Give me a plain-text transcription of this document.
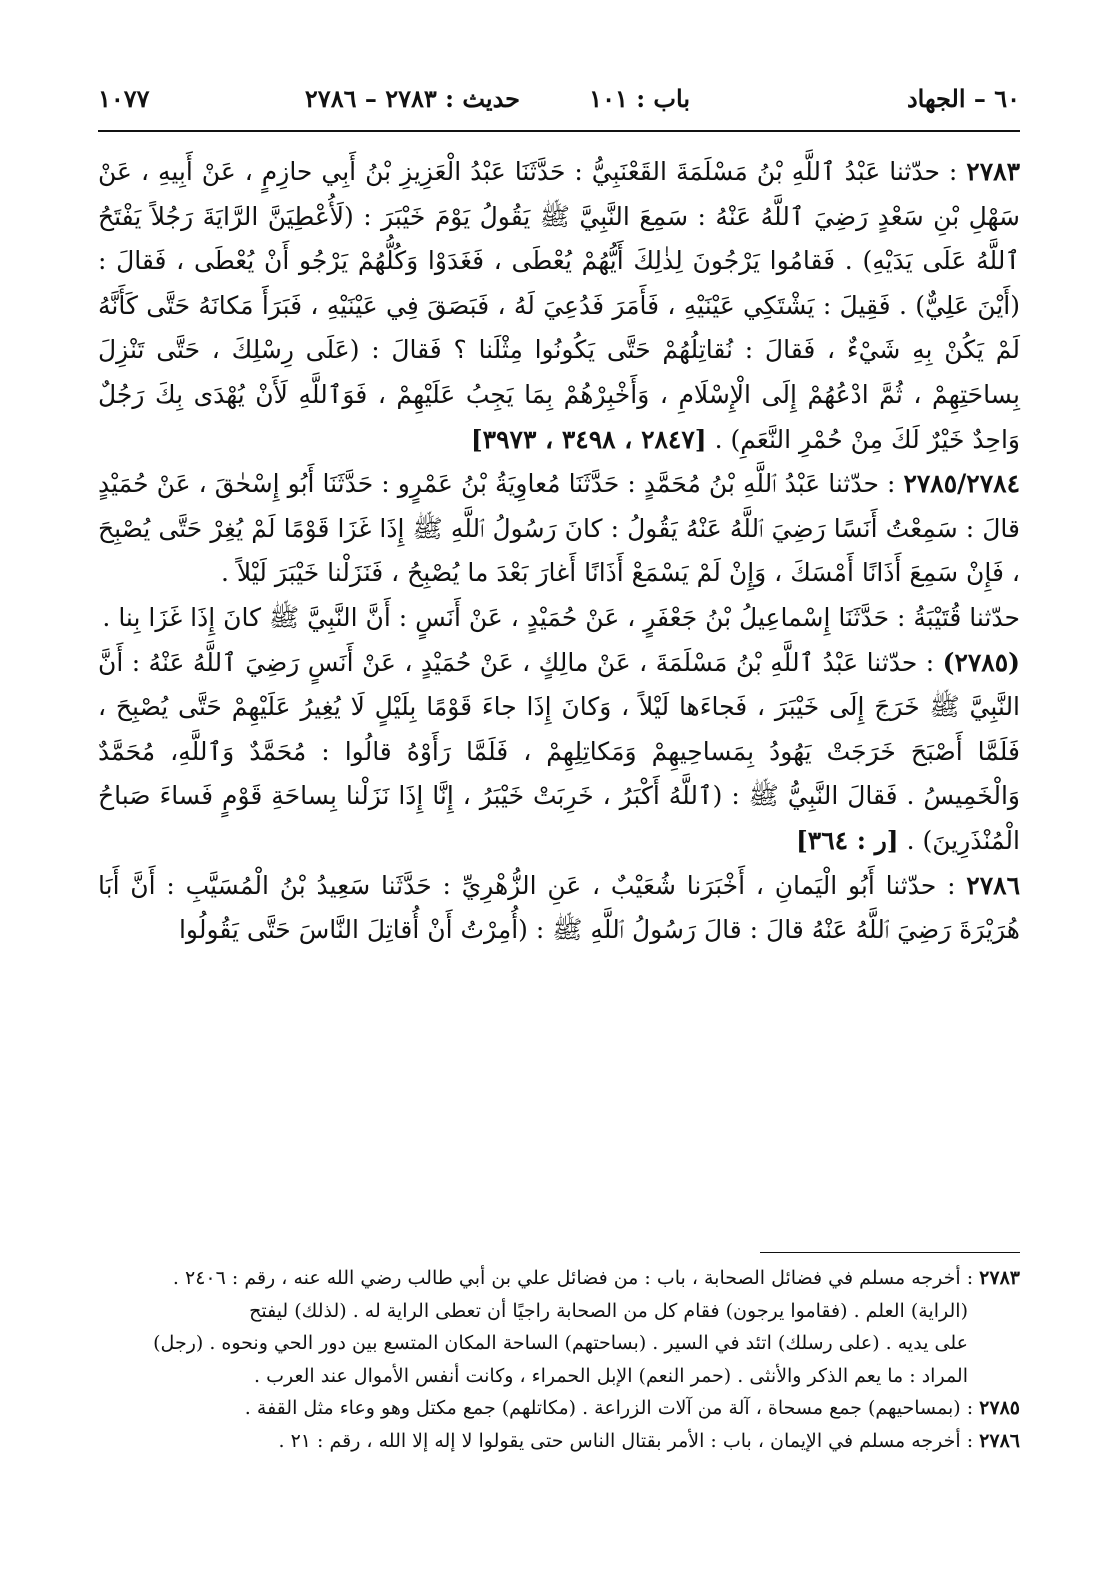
٦٠ – الجهاد
باب : ١٠١
حديث : ٢٧٨٣ – ٢٧٨٦
١٠٧٧

٢٧٨٣ : حدّثنا عَبْدُ ٱللَّهِ بْنُ مَسْلَمَةَ القَعْنَبِيُّ : حَدَّثَنَا عَبْدُ الْعَزِيزِ بْنُ أَبِي حازِمٍ ، عَنْ أَبِيهِ ، عَنْ سَهْلِ بْنِ سَعْدٍ رَضِيَ ٱللَّهُ عَنْهُ : سَمِعَ النَّبِيَّ ﷺ يَقُولُ يَوْمَ خَيْبَرَ : (لَأُعْطِيَنَّ الرَّايَةَ رَجُلاً يَفْتَحُ ٱللَّهُ عَلَى يَدَيْهِ) . فَقامُوا يَرْجُونَ لِذٰلِكَ أَيُّهُمْ يُعْطَى ، فَغَدَوْا وَكُلُّهُمْ يَرْجُو أَنْ يُعْطَى ، فَقالَ : (أَيْنَ عَلِيٌّ) . فَقِيلَ : يَشْتَكِي عَيْنَيْهِ ، فَأَمَرَ فَدُعِيَ لَهُ ، فَبَصَقَ فِي عَيْنَيْهِ ، فَبَرَأَ مَكانَهُ حَتَّى كَأَنَّهُ لَمْ يَكُنْ بِهِ شَيْءٌ ، فَقالَ : نُقاتِلُهُمْ حَتَّى يَكُونُوا مِثْلَنا ؟ فَقالَ : (عَلَى رِسْلِكَ ، حَتَّى تَنْزِلَ بِساحَتِهِمْ ، ثُمَّ ادْعُهُمْ إِلَى الْإِسْلَامِ ، وَأَخْبِرْهُمْ بِمَا يَجِبُ عَلَيْهِمْ ، فَوَٱللَّهِ لَأَنْ يُهْدَى بِكَ رَجُلٌ وَاحِدٌ خَيْرٌ لَكَ مِنْ حُمْرِ النَّعَمِ) . [٢٨٤٧ ، ٣٤٩٨ ، ٣٩٧٣]

٢٧٨٥/٢٧٨٤ : حدّثنا عَبْدُ ٱللَّهِ بْنُ مُحَمَّدٍ : حَدَّثَنَا مُعاوِيَةُ بْنُ عَمْرٍو : حَدَّثَنَا أَبُو إِسْحٰقَ ، عَنْ حُمَيْدٍ قالَ : سَمِعْتُ أَنَسًا رَضِيَ ٱللَّهُ عَنْهُ يَقُولُ : كانَ رَسُولُ ٱللَّهِ ﷺ إِذَا غَزَا قَوْمًا لَمْ يُغِرْ حَتَّى يُصْبِحَ ، فَإِنْ سَمِعَ أَذَانًا أَمْسَكَ ، وَإِنْ لَمْ يَسْمَعْ أَذَانًا أَغارَ بَعْدَ ما يُصْبِحُ ، فَنَزَلْنا خَيْبَرَ لَيْلاً .

حدّثنا قُتَيْبَةُ : حَدَّثَنَا إِسْماعِيلُ بْنُ جَعْفَرٍ ، عَنْ حُمَيْدٍ ، عَنْ أَنَسٍ : أَنَّ النَّبِيَّ ﷺ كانَ إِذَا غَزَا بِنا .

(٢٧٨٥) : حدّثنا عَبْدُ ٱللَّهِ بْنُ مَسْلَمَةَ ، عَنْ مالِكٍ ، عَنْ حُمَيْدٍ ، عَنْ أَنَسٍ رَضِيَ ٱللَّهُ عَنْهُ : أَنَّ النَّبِيَّ ﷺ خَرَجَ إِلَى خَيْبَرَ ، فَجاءَها لَيْلاً ، وَكانَ إِذَا جاءَ قَوْمًا بِلَيْلٍ لَا يُغِيرُ عَلَيْهِمْ حَتَّى يُصْبِحَ ، فَلَمَّا أَصْبَحَ خَرَجَتْ يَهُودُ بِمَساحِيهِمْ وَمَكاتِلِهِمْ ، فَلَمَّا رَأَوْهُ قالُوا : مُحَمَّدٌ وَٱللَّهِ، مُحَمَّدٌ وَالْخَمِيسُ . فَقالَ النَّبِيُّ ﷺ : (ٱللَّهُ أَكْبَرُ ، خَرِبَتْ خَيْبَرُ ، إِنَّا إِذَا نَزَلْنا بِساحَةِ قَوْمٍ فَساءَ صَباحُ الْمُنْذَرِينَ) . [ر : ٣٦٤]

٢٧٨٦ : حدّثنا أَبُو الْيَمانِ ، أَخْبَرَنا شُعَيْبٌ ، عَنِ الزُّهْرِيِّ : حَدَّثَنا سَعِيدُ بْنُ الْمُسَيَّبِ : أَنَّ أَبَا هُرَيْرَةَ رَضِيَ ٱللَّهُ عَنْهُ قالَ : قالَ رَسُولُ ٱللَّهِ ﷺ : (أُمِرْتُ أَنْ أُقاتِلَ النَّاسَ حَتَّى يَقُولُوا

٢٧٨٣ : أخرجه مسلم في فضائل الصحابة ، باب : من فضائل علي بن أبي طالب رضي الله عنه ، رقم : ٢٤٠٦ .

(الراية) العلم . (فقاموا يرجون) فقام كل من الصحابة راجيًا أن تعطى الراية له . (لذلك) ليفتح

على يديه . (على رسلك) اتئد في السير . (بساحتهم) الساحة المكان المتسع بين دور الحي ونحوه . (رجل)

المراد : ما يعم الذكر والأنثى . (حمر النعم) الإبل الحمراء ، وكانت أنفس الأموال عند العرب .

٢٧٨٥ : (بمساحيهم) جمع مسحاة ، آلة من آلات الزراعة . (مكاتلهم) جمع مكتل وهو وعاء مثل القفة .

٢٧٨٦ : أخرجه مسلم في الإيمان ، باب : الأمر بقتال الناس حتى يقولوا لا إله إلا الله ، رقم : ٢١ .
